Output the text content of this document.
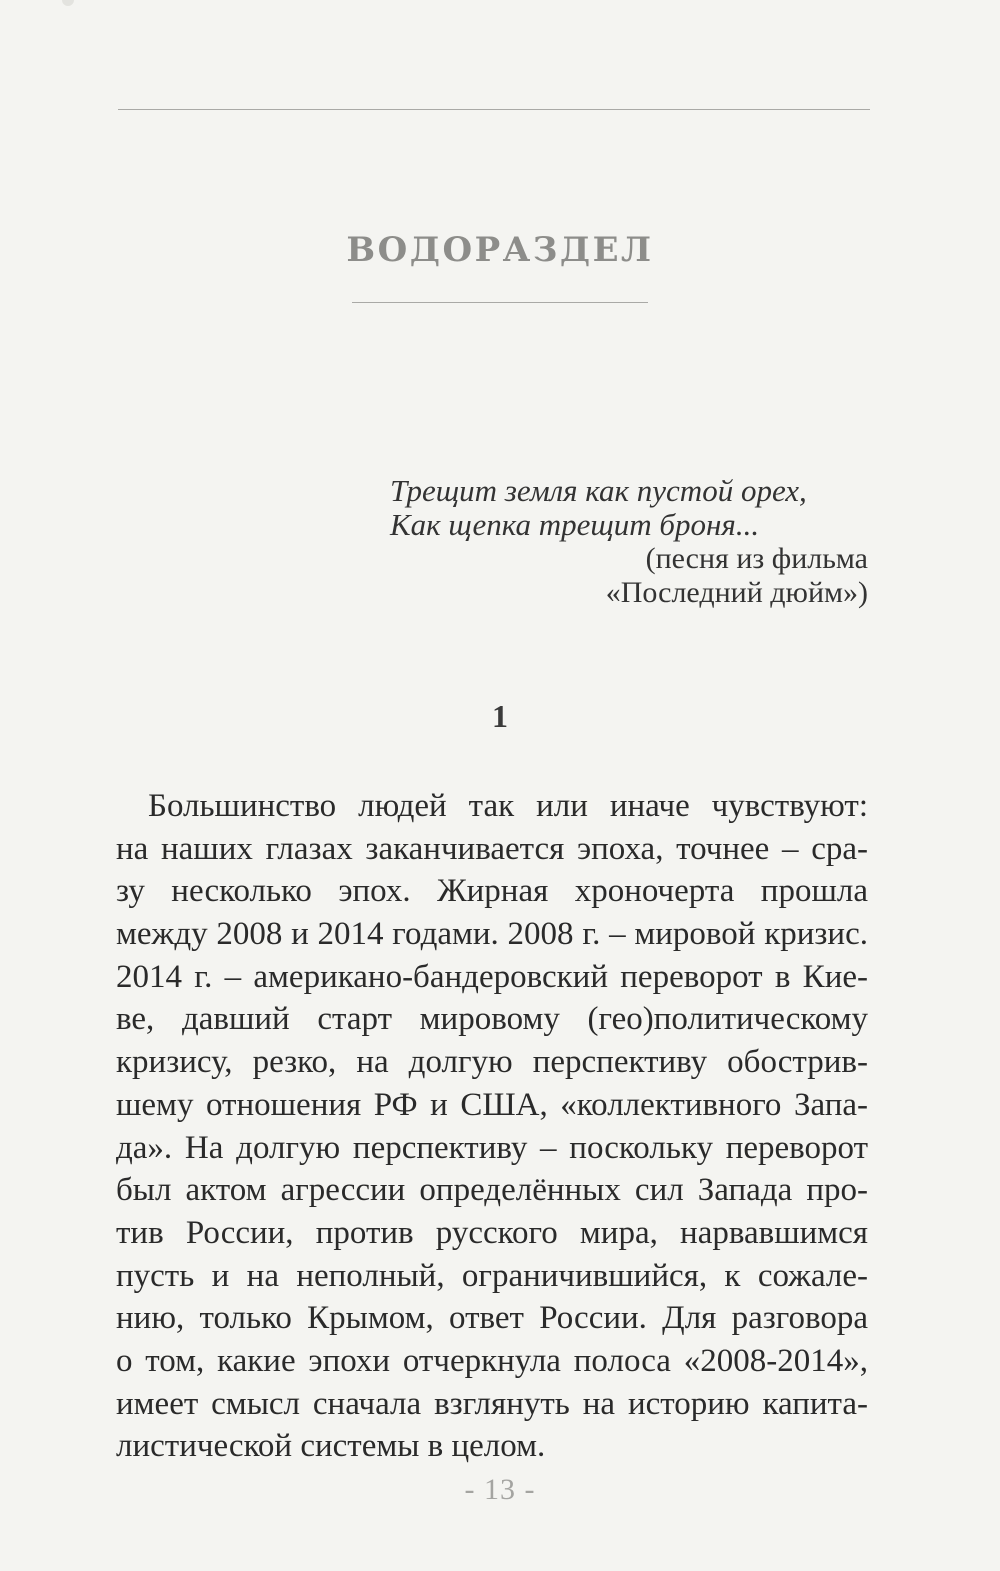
ВОДОРАЗДЕЛ
Трещит земля как пустой орех,
Как щепка трещит броня...
(песня из фильма
«Последний дюйм»)
1
Большинство людей так или иначе чувствуют:
на наших глазах заканчивается эпоха, точнее – сра-
зу несколько эпох. Жирная хроночерта прошла
между 2008 и 2014 годами. 2008 г. – мировой кризис.
2014 г. – американо-бандеровский переворот в Кие-
ве, давший старт мировому (гео)политическому
кризису, резко, на долгую перспективу обострив-
шему отношения РФ и США, «коллективного Запа-
да». На долгую перспективу – поскольку переворот
был актом агрессии определённых сил Запада про-
тив России, против русского мира, нарвавшимся
пусть и на неполный, ограничившийся, к сожале-
нию, только Крымом, ответ России. Для разговора
о том, какие эпохи отчеркнула полоса «2008-2014»,
имеет смысл сначала взглянуть на историю капита-
листической системы в целом.
- 13 -
